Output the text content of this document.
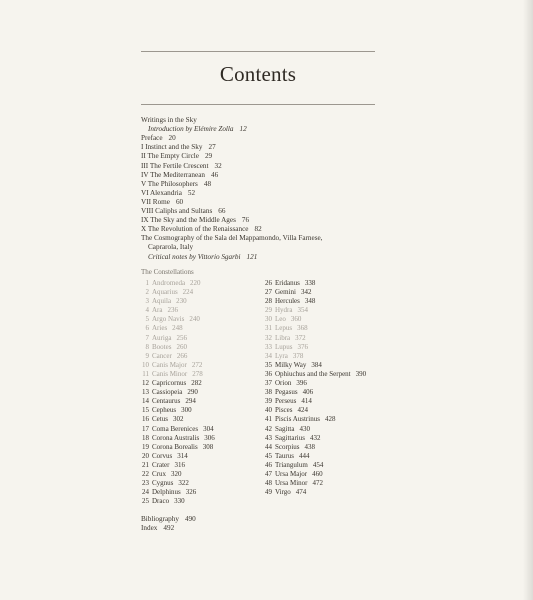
Contents
Writings in the Sky
Introduction by Elémire Zolla 12
Preface 20
I Instinct and the Sky 27
II The Empty Circle 29
III The Fertile Crescent 32
IV The Mediterranean 46
V The Philosophers 48
VI Alexandria 52
VII Rome 60
VIII Caliphs and Sultans 66
IX The Sky and the Middle Ages 76
X The Revolution of the Renaissance 82
The Cosmography of the Sala del Mappamondo, Villa Farnese,
Caprarola, Italy
Critical notes by Vittorio Sgarbi 121
The Constellations
1 Andromeda 220
2 Aquarius 224
3 Aquila 230
4 Ara 236
5 Argo Navis 240
6 Aries 248
7 Auriga 256
8 Bootes 260
9 Cancer 266
10 Canis Major 272
11 Canis Minor 278
12 Capricornus 282
13 Cassiopeia 290
14 Centaurus 294
15 Cepheus 300
16 Cetus 302
17 Coma Berenices 304
18 Corona Australis 306
19 Corona Borealis 308
20 Corvus 314
21 Crater 316
22 Crux 320
23 Cygnus 322
24 Delphinus 326
25 Draco 330
26 Eridanus 338
27 Gemini 342
28 Hercules 348
29 Hydra 354
30 Leo 360
31 Lepus 368
32 Libra 372
33 Lupus 376
34 Lyra 378
35 Milky Way 384
36 Ophiuchus and the Serpent 390
37 Orion 396
38 Pegasus 406
39 Perseus 414
40 Pisces 424
41 Piscis Austrinus 428
42 Sagitta 430
43 Sagittarius 432
44 Scorpius 438
45 Taurus 444
46 Triangulum 454
47 Ursa Major 460
48 Ursa Minor 472
49 Virgo 474
Bibliography 490
Index 492
